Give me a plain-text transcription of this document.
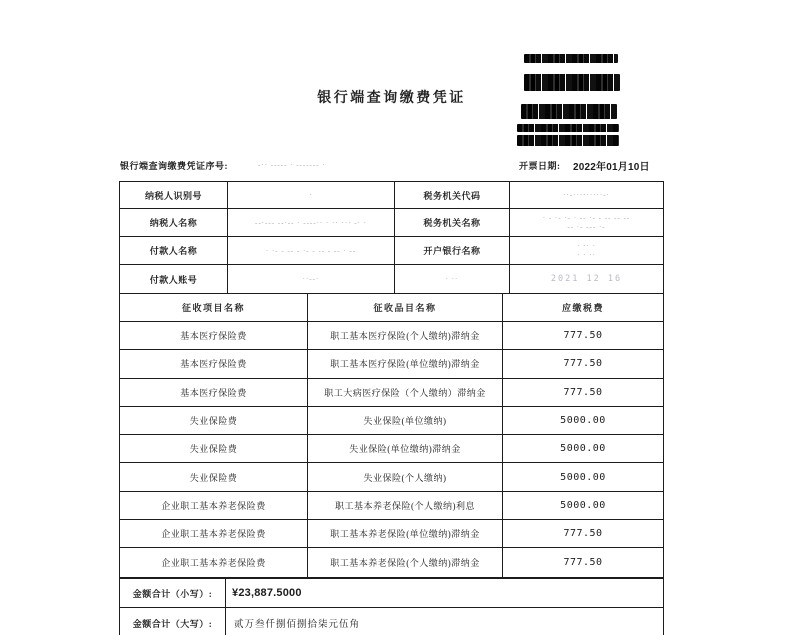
银行端查询缴费凭证
银行端查询缴费凭证序号:	-·· ----- · ------- ·	开票日期: 2022年01月10日
纳税人识别号	·	税务机关代码	··-·········-·
纳税人名称	--·--- --·-- · ----·· · ·· ··· -· ·	税务机关名称	· - ·- ·- · -- ·- - -- -- --
-- ·- --- ·-
付款人名称	· ·- - -- - ·- - -- - -- · --	开户银行名称	· ·· ·
· · ··
付款人账号	··--·	· ··	2021 12 16
征收项目名称	征收品目名称	应缴税费
基本医疗保险费	职工基本医疗保险(个人缴纳)滞纳金	777.50
基本医疗保险费	职工基本医疗保险(单位缴纳)滞纳金	777.50
基本医疗保险费	职工大病医疗保险（个人缴纳）滞纳金	777.50
失业保险费	失业保险(单位缴纳)	5000.00
失业保险费	失业保险(单位缴纳)滞纳金	5000.00
失业保险费	失业保险(个人缴纳)	5000.00
企业职工基本养老保险费	职工基本养老保险(个人缴纳)利息	5000.00
企业职工基本养老保险费	职工基本养老保险(单位缴纳)滞纳金	777.50
企业职工基本养老保险费	职工基本养老保险(个人缴纳)滞纳金	777.50
金额合计（小写）:	¥23,887.5000
金额合计（大写）:	贰万叁仟捌佰捌拾柒元伍角
